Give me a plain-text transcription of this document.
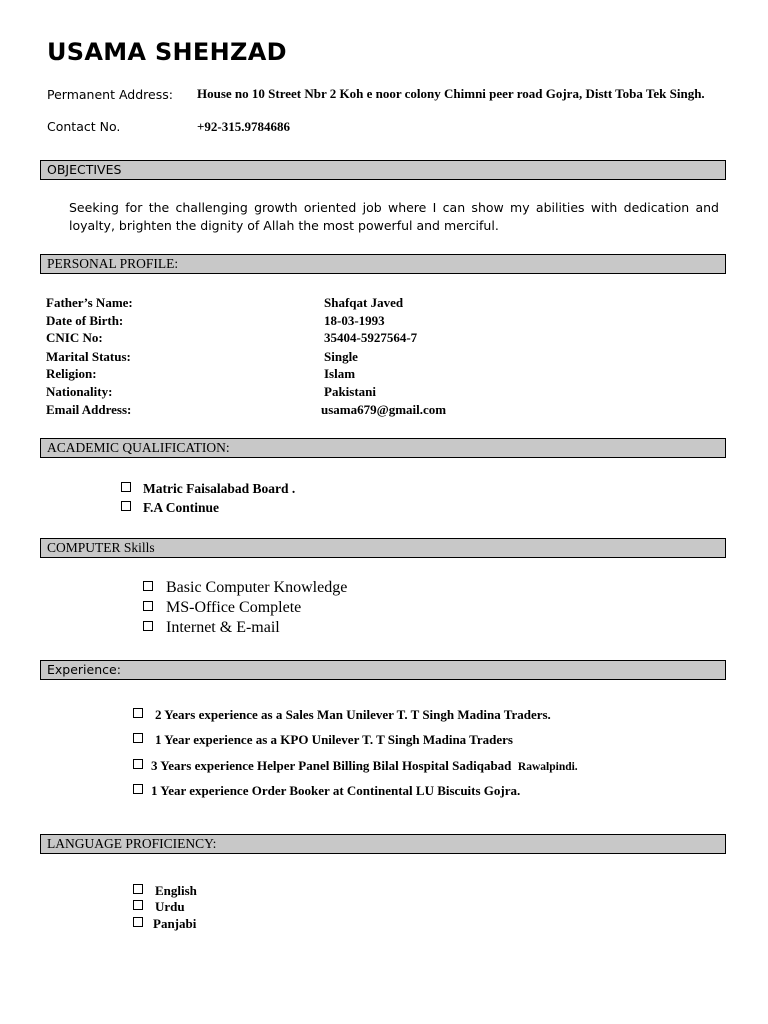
USAMA SHEHZAD
Permanent Address:	House no 10 Street Nbr 2 Koh e noor colony Chimni peer road Gojra, Distt Toba Tek Singh.
Contact No.	+92-315.9784686
OBJECTIVES
Seeking for the challenging growth oriented job where I can show my abilities with dedication and loyalty, brighten the dignity of Allah the most powerful and merciful.
PERSONAL PROFILE:
Father’s Name:	Shafqat Javed
Date of Birth:	18-03-1993
CNIC No:	35404-5927564-7
Marital Status:	Single
Religion:	Islam
Nationality:	Pakistani
Email Address:	usama679@gmail.com
ACADEMIC QUALIFICATION:
Matric Faisalabad Board .
F.A Continue
COMPUTER Skills
Basic Computer Knowledge
MS-Office Complete
Internet & E-mail
Experience:
2 Years experience as a Sales Man Unilever T. T Singh Madina Traders.
1 Year experience as a KPO Unilever T. T Singh Madina Traders
3 Years experience Helper Panel Billing Bilal Hospital Sadiqabad Rawalpindi.
1 Year experience Order Booker at Continental LU Biscuits Gojra.
LANGUAGE PROFICIENCY:
English
Urdu
Panjabi
